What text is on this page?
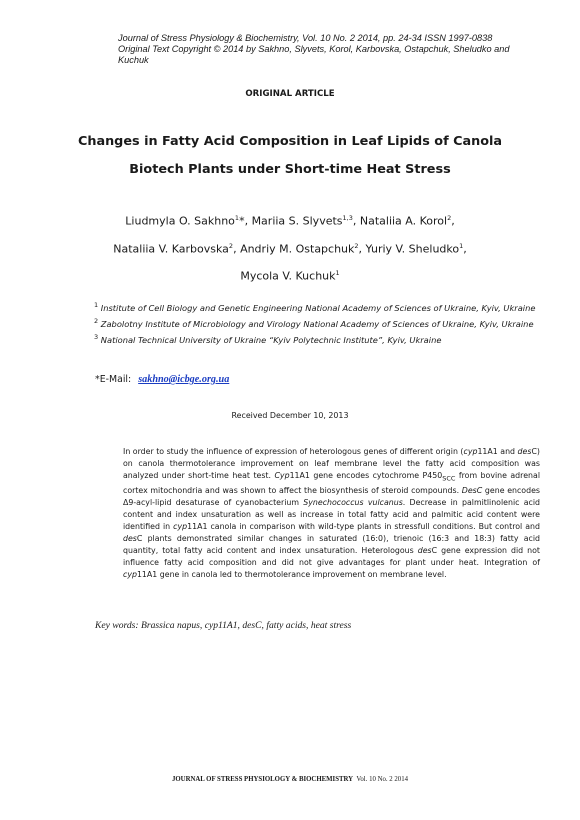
Journal of Stress Physiology & Biochemistry, Vol. 10 No. 2 2014, pp. 24-34 ISSN 1997-0838
Original Text Copyright © 2014 by Sakhno, Slyvets, Korol, Karbovska, Ostapchuk, Sheludko and Kuchuk
ORIGINAL ARTICLE
Changes in Fatty Acid Composition in Leaf Lipids of Canola
Biotech Plants under Short-time Heat Stress
Liudmyla O. Sakhno$^1$*, Mariia S. Slyvets$^{1,3}$, Nataliia A. Korol$^2$,
Nataliia V. Karbovska$^2$, Andriy M. Ostapchuk$^2$, Yuriy V. Sheludko$^1$,
Mycola V. Kuchuk$^1$
$^1$ Institute of Cell Biology and Genetic Engineering National Academy of Sciences of Ukraine, Kyiv, Ukraine
$^2$ Zabolotny Institute of Microbiology and Virology National Academy of Sciences of Ukraine, Kyiv, Ukraine
$^3$ National Technical University of Ukraine “Kyiv Polytechnic Institute”, Kyiv, Ukraine
*E-Mail: sakhno@icbge.org.ua
Received December 10, 2013
In order to study the influence of expression of heterologous genes of different origin (cyp11A1 and desC) on canola thermotolerance improvement on leaf membrane level the fatty acid composition was analyzed under short-time heat test. Cyp11A1 gene encodes cytochrome $P450_{SCC}$ from bovine adrenal cortex mitochondria and was shown to affect the biosynthesis of steroid compounds. DesC gene encodes Δ9-acyl-lipid desaturase of cyanobacterium Synechococcus vulcanus. Decrease in palmitlinolenic acid content and index unsaturation as well as increase in total fatty acid and palmitic acid content were identified in cyp11A1 canola in comparison with wild-type plants in stressfull conditions. But control and desC plants demonstrated similar changes in saturated (16:0), trienoic (16:3 and 18:3) fatty acid quantity, total fatty acid content and index unsaturation. Heterologous desC gene expression did not influence fatty acid composition and did not give advantages for plant under heat. Integration of cyp11A1 gene in canola led to thermotolerance improvement on membrane level.
Key words: Brassica napus, cyp11A1, desC, fatty acids, heat stress
JOURNAL OF STRESS PHYSIOLOGY & BIOCHEMISTRY Vol. 10 No. 2 2014
